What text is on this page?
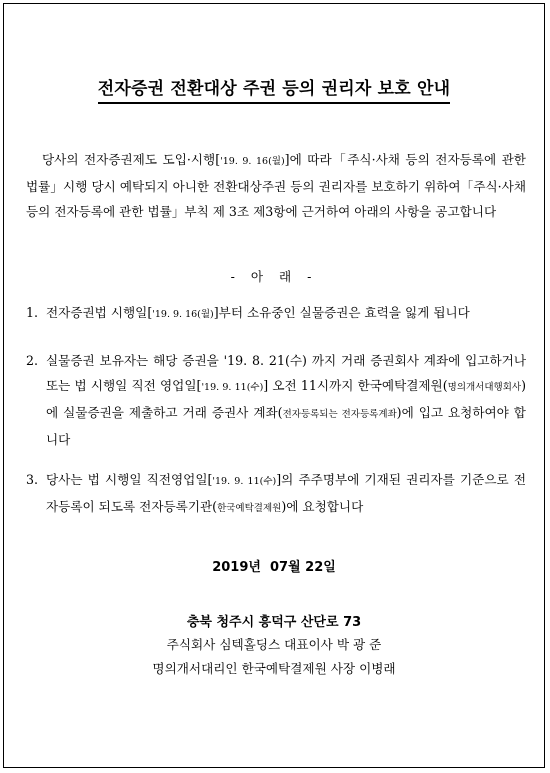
전자증권 전환대상 주권 등의 권리자 보호 안내
당사의 전자증권제도 도입·시행['19. 9. 16(월)]에 따라「주식·사채 등의 전자등록에 관한 법률」시행 당시 예탁되지 아니한 전환대상주권 등의 권리자를 보호하기 위하여「주식·사채 등의 전자등록에 관한 법률」부칙 제 3조 제3항에 근거하여 아래의 사항을 공고합니다
- 아 래 -
1. 전자증권법 시행일['19. 9. 16(월)]부터 소유중인 실물증권은 효력을 잃게 됩니다
2. 실물증권 보유자는 해당 증권을 '19. 8. 21(수) 까지 거래 증권회사 계좌에 입고하거나 또는 법 시행일 직전 영업일['19. 9. 11(수)] 오전 11시까지 한국예탁결제원(명의개서대행회사)에 실물증권을 제출하고 거래 증권사 계좌(전자등록되는 전자등록계좌)에 입고 요청하여야 합니다
3. 당사는 법 시행일 직전영업일['19. 9. 11(수)]의 주주명부에 기재된 권리자를 기준으로 전자등록이 되도록 전자등록기관(한국예탁결제원)에 요청합니다
2019년  07월 22일
충북 청주시 흥덕구 산단로 73
주식회사 심텍홀딩스 대표이사 박 광 준
명의개서대리인 한국예탁결제원 사장 이병래
